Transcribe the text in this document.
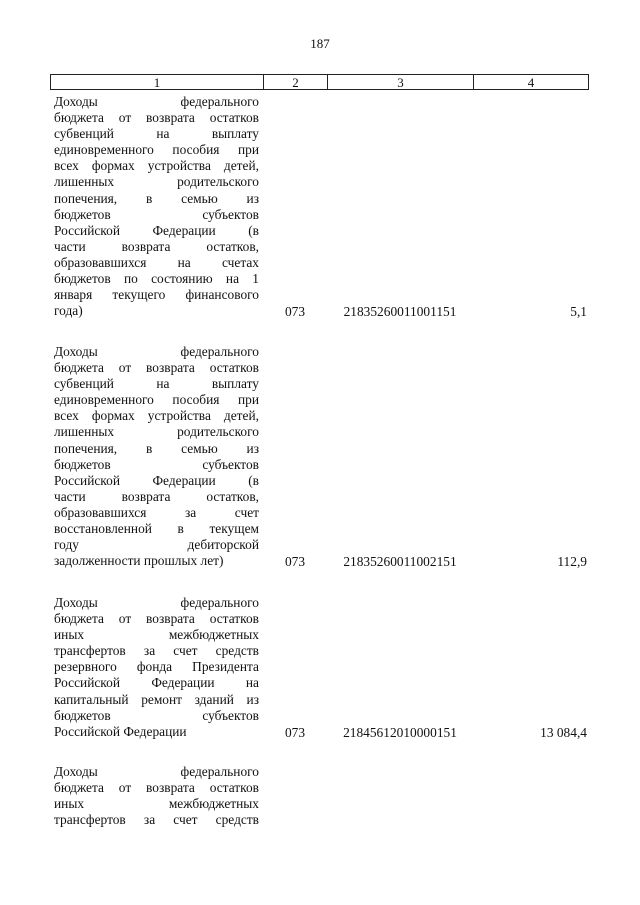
187
1	2	3	4
Доходы федерального
бюджета от возврата остатков
субвенций на выплату
единовременного пособия при
всех формах устройства детей,
лишенных родительского
попечения, в семью из
бюджетов субъектов
Российской Федерации (в
части возврата остатков,
образовавшихся на счетах
бюджетов по состоянию на 1
января текущего финансового
года)	073	21835260011001151	5,1
Доходы федерального
бюджета от возврата остатков
субвенций на выплату
единовременного пособия при
всех формах устройства детей,
лишенных родительского
попечения, в семью из
бюджетов субъектов
Российской Федерации (в
части возврата остатков,
образовавшихся за счет
восстановленной в текущем
году дебиторской
задолженности прошлых лет)	073	21835260011002151	112,9
Доходы федерального
бюджета от возврата остатков
иных межбюджетных
трансфертов за счет средств
резервного фонда Президента
Российской Федерации на
капитальный ремонт зданий из
бюджетов субъектов
Российской Федерации	073	21845612010000151	13 084,4
Доходы федерального
бюджета от возврата остатков
иных межбюджетных
трансфертов за счет средств
